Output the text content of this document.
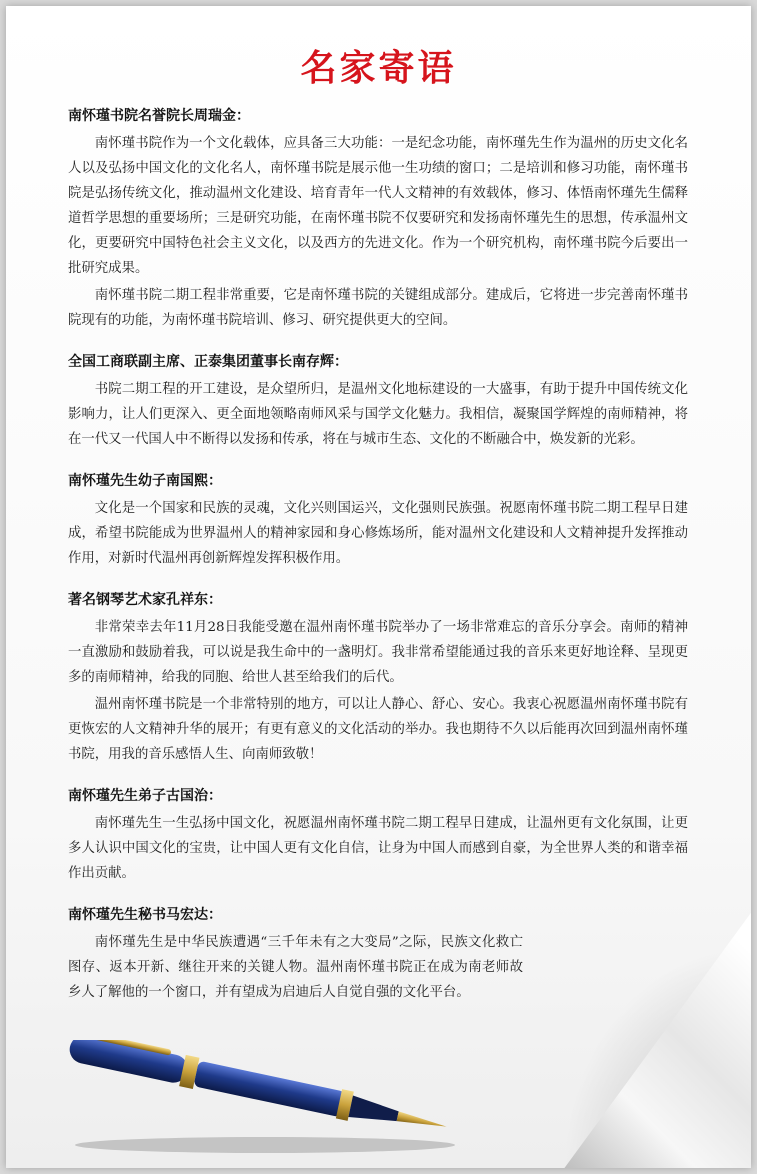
名家寄语
南怀瑾书院名誉院长周瑞金：

南怀瑾书院作为一个文化载体，应具备三大功能：一是纪念功能，南怀瑾先生作为温州的历史文化名人以及弘扬中国文化的文化名人，南怀瑾书院是展示他一生功绩的窗口；二是培训和修习功能，南怀瑾书院是弘扬传统文化，推动温州文化建设、培育青年一代人文精神的有效载体，修习、体悟南怀瑾先生儒释道哲学思想的重要场所；三是研究功能，在南怀瑾书院不仅要研究和发扬南怀瑾先生的思想，传承温州文化，更要研究中国特色社会主义文化，以及西方的先进文化。作为一个研究机构，南怀瑾书院今后要出一批研究成果。

南怀瑾书院二期工程非常重要，它是南怀瑾书院的关键组成部分。建成后，它将进一步完善南怀瑾书院现有的功能，为南怀瑾书院培训、修习、研究提供更大的空间。

全国工商联副主席、正泰集团董事长南存辉：

书院二期工程的开工建设，是众望所归，是温州文化地标建设的一大盛事，有助于提升中国传统文化影响力，让人们更深入、更全面地领略南师风采与国学文化魅力。我相信，凝聚国学辉煌的南师精神，将在一代又一代国人中不断得以发扬和传承，将在与城市生态、文化的不断融合中，焕发新的光彩。

南怀瑾先生幼子南国熙：

文化是一个国家和民族的灵魂，文化兴则国运兴，文化强则民族强。祝愿南怀瑾书院二期工程早日建成，希望书院能成为世界温州人的精神家园和身心修炼场所，能对温州文化建设和人文精神提升发挥推动作用，对新时代温州再创新辉煌发挥积极作用。

著名钢琴艺术家孔祥东：

非常荣幸去年11月28日我能受邀在温州南怀瑾书院举办了一场非常难忘的音乐分享会。南师的精神一直激励和鼓励着我，可以说是我生命中的一盏明灯。我非常希望能通过我的音乐来更好地诠释、呈现更多的南师精神，给我的同胞、给世人甚至给我们的后代。

温州南怀瑾书院是一个非常特别的地方，可以让人静心、舒心、安心。我衷心祝愿温州南怀瑾书院有更恢宏的人文精神升华的展开；有更有意义的文化活动的举办。我也期待不久以后能再次回到温州南怀瑾书院，用我的音乐感悟人生、向南师致敬！

南怀瑾先生弟子古国治：

南怀瑾先生一生弘扬中国文化，祝愿温州南怀瑾书院二期工程早日建成，让温州更有文化氛围，让更多人认识中国文化的宝贵，让中国人更有文化自信，让身为中国人而感到自豪，为全世界人类的和谐幸福作出贡献。

南怀瑾先生秘书马宏达：

南怀瑾先生是中华民族遭遇“三千年未有之大变局”之际，民族文化救亡图存、返本开新、继往开来的关键人物。温州南怀瑾书院正在成为南老师故乡人了解他的一个窗口，并有望成为启迪后人自觉自强的文化平台。
